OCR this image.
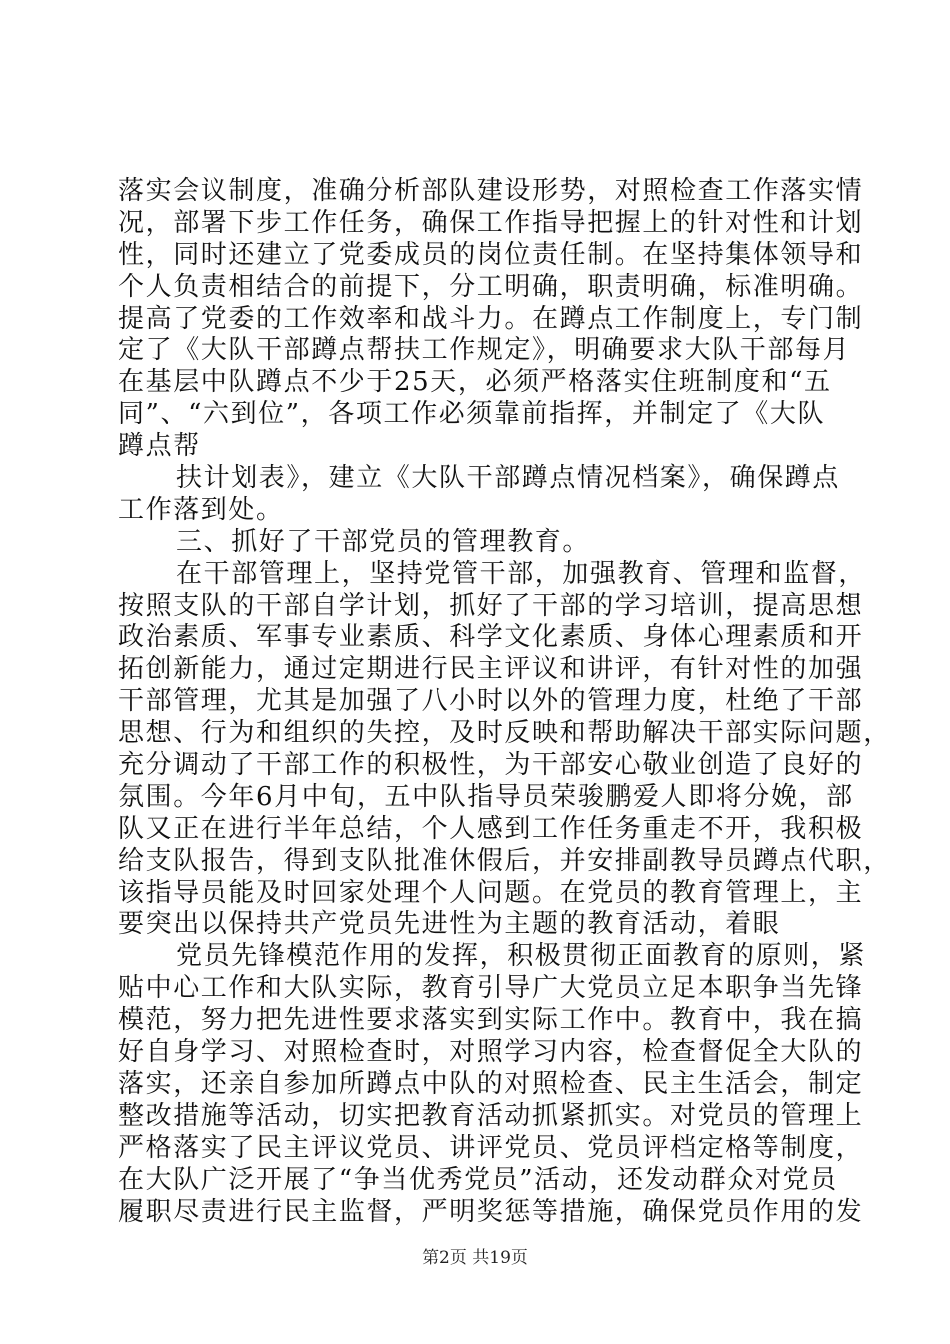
落实会议制度，准确分析部队建设形势，对照检查工作落实情
况，部署下步工作任务，确保工作指导把握上的针对性和计划
性，同时还建立了党委成员的岗位责任制。在坚持集体领导和
个人负责相结合的前提下，分工明确，职责明确，标准明确。
提高了党委的工作效率和战斗力。在蹲点工作制度上，专门制
定了《大队干部蹲点帮扶工作规定》，明确要求大队干部每月
在基层中队蹲点不少于25天，必须严格落实住班制度和“五
同”、“六到位”，各项工作必须靠前指挥，并制定了《大队
蹲点帮
扶计划表》，建立《大队干部蹲点情况档案》，确保蹲点
工作落到处。
三、抓好了干部党员的管理教育。
在干部管理上，坚持党管干部，加强教育、管理和监督，
按照支队的干部自学计划，抓好了干部的学习培训，提高思想
政治素质、军事专业素质、科学文化素质、身体心理素质和开
拓创新能力，通过定期进行民主评议和讲评，有针对性的加强
干部管理，尤其是加强了八小时以外的管理力度，杜绝了干部
思想、行为和组织的失控，及时反映和帮助解决干部实际问题，
充分调动了干部工作的积极性，为干部安心敬业创造了良好的
氛围。今年6月中旬，五中队指导员荣骏鹏爱人即将分娩，部
队又正在进行半年总结，个人感到工作任务重走不开，我积极
给支队报告，得到支队批准休假后，并安排副教导员蹲点代职，
该指导员能及时回家处理个人问题。在党员的教育管理上，主
要突出以保持共产党员先进性为主题的教育活动，着眼
党员先锋模范作用的发挥，积极贯彻正面教育的原则，紧
贴中心工作和大队实际，教育引导广大党员立足本职争当先锋
模范，努力把先进性要求落实到实际工作中。教育中，我在搞
好自身学习、对照检查时，对照学习内容，检查督促全大队的
落实，还亲自参加所蹲点中队的对照检查、民主生活会，制定
整改措施等活动，切实把教育活动抓紧抓实。对党员的管理上
严格落实了民主评议党员、讲评党员、党员评档定格等制度，
在大队广泛开展了“争当优秀党员”活动，还发动群众对党员
履职尽责进行民主监督，严明奖惩等措施，确保党员作用的发
第2页 共19页
